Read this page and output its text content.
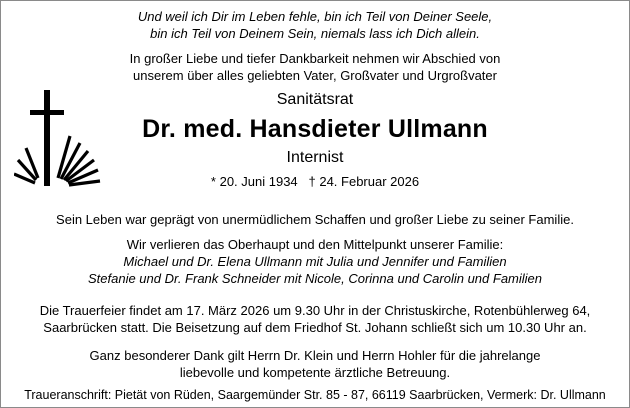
Und weil ich Dir im Leben fehle, bin ich Teil von Deiner Seele,
bin ich Teil von Deinem Sein, niemals lass ich Dich allein.
In großer Liebe und tiefer Dankbarkeit nehmen wir Abschied von
unserem über alles geliebten Vater, Großvater und Urgroßvater
Sanitätsrat
Dr. med. Hansdieter Ullmann
Internist
* 20. Juni 1934   † 24. Februar 2026
Sein Leben war geprägt von unermüdlichem Schaffen und großer Liebe zu seiner Familie.
Wir verlieren das Oberhaupt und den Mittelpunkt unserer Familie:
Michael und Dr. Elena Ullmann mit Julia und Jennifer und Familien
Stefanie und Dr. Frank Schneider mit Nicole, Corinna und Carolin und Familien
Die Trauerfeier findet am 17. März 2026 um 9.30 Uhr in der Christuskirche, Rotenbühlerweg 64,
Saarbrücken statt. Die Beisetzung auf dem Friedhof St. Johann schließt sich um 10.30 Uhr an.
Ganz besonderer Dank gilt Herrn Dr. Klein und Herrn Hohler für die jahrelange
liebevolle und kompetente ärztliche Betreuung.
Traueranschrift: Pietät von Rüden, Saargemünder Str. 85 - 87, 66119 Saarbrücken, Vermerk: Dr. Ullmann
